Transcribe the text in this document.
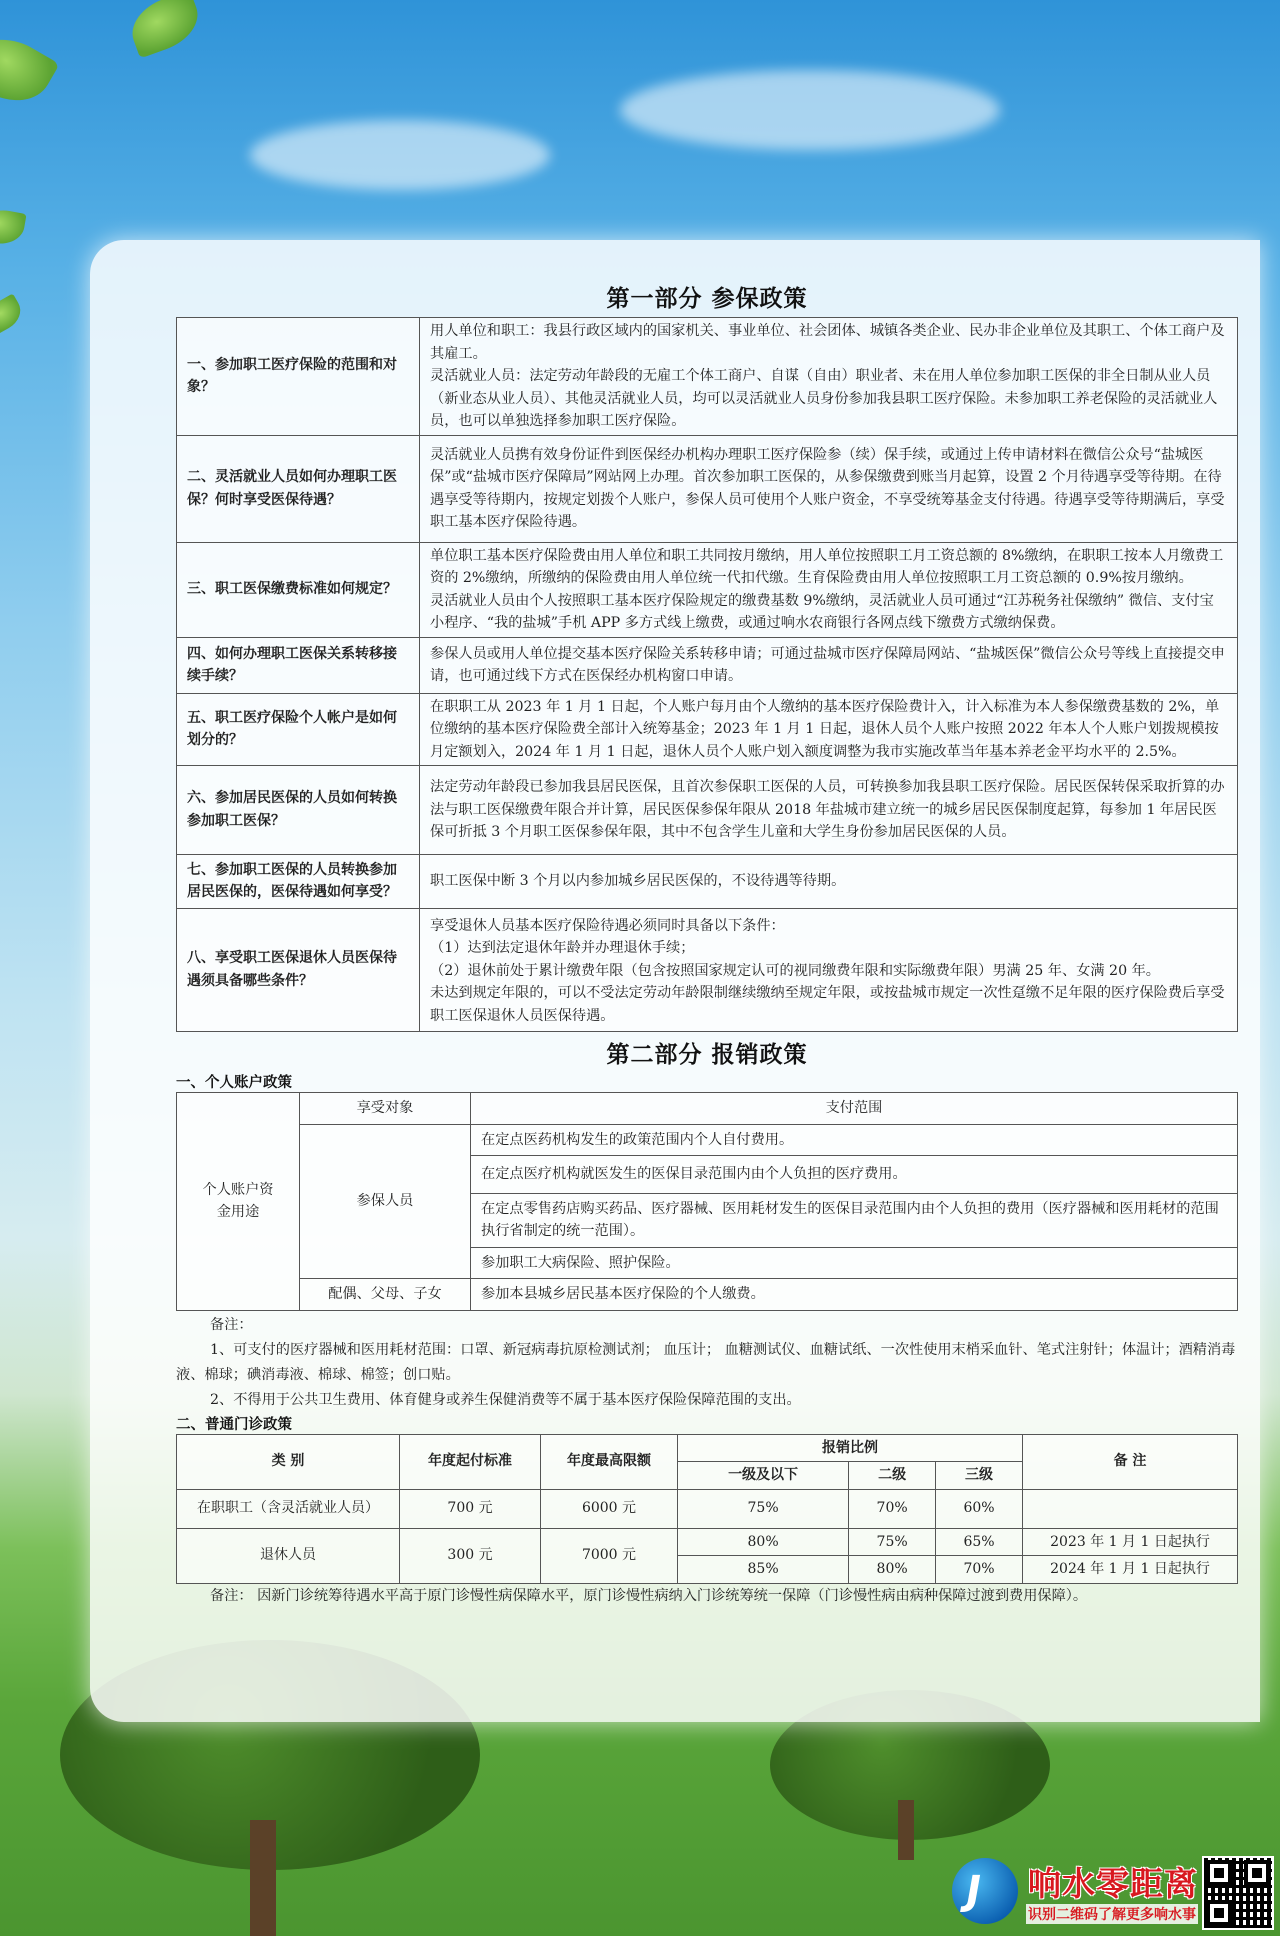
第一部分 参保政策
一、参加职工医疗保险的范围和对象？	用人单位和职工：我县行政区域内的国家机关、事业单位、社会团体、城镇各类企业、民办非企业单位及其职工、个体工商户及其雇工。

灵活就业人员：法定劳动年龄段的无雇工个体工商户、自谋（自由）职业者、未在用人单位参加职工医保的非全日制从业人员（新业态从业人员）、其他灵活就业人员，均可以灵活就业人员身份参加我县职工医疗保险。未参加职工养老保险的灵活就业人员，也可以单独选择参加职工医疗保险。

二、灵活就业人员如何办理职工医保？何时享受医保待遇？	灵活就业人员携有效身份证件到医保经办机构办理职工医疗保险参（续）保手续，或通过上传申请材料在微信公众号“盐城医保”或“盐城市医疗保障局”网站网上办理。首次参加职工医保的，从参保缴费到账当月起算，设置 2 个月待遇享受等待期。在待遇享受等待期内，按规定划拨个人账户，参保人员可使用个人账户资金，不享受统筹基金支付待遇。待遇享受等待期满后，享受职工基本医疗保险待遇。

三、职工医保缴费标准如何规定？	单位职工基本医疗保险费由用人单位和职工共同按月缴纳，用人单位按照职工月工资总额的 8%缴纳，在职职工按本人月缴费工资的 2%缴纳，所缴纳的保险费由用人单位统一代扣代缴。生育保险费由用人单位按照职工月工资总额的 0.9%按月缴纳。

灵活就业人员由个人按照职工基本医疗保险规定的缴费基数 9%缴纳，灵活就业人员可通过“江苏税务社保缴纳” 微信、支付宝小程序、“我的盐城”手机 APP 多方式线上缴费，或通过响水农商银行各网点线下缴费方式缴纳保费。

四、如何办理职工医保关系转移接续手续？	参保人员或用人单位提交基本医疗保险关系转移申请；可通过盐城市医疗保障局网站、“盐城医保”微信公众号等线上直接提交申请，也可通过线下方式在医保经办机构窗口申请。

五、职工医疗保险个人帐户是如何划分的？	在职职工从 2023 年 1 月 1 日起，个人账户每月由个人缴纳的基本医疗保险费计入，计入标准为本人参保缴费基数的 2%，单位缴纳的基本医疗保险费全部计入统筹基金；2023 年 1 月 1 日起，退休人员个人账户按照 2022 年本人个人账户划拨规模按月定额划入，2024 年 1 月 1 日起，退休人员个人账户划入额度调整为我市实施改革当年基本养老金平均水平的 2.5%。

六、参加居民医保的人员如何转换参加职工医保？	法定劳动年龄段已参加我县居民医保，且首次参保职工医保的人员，可转换参加我县职工医疗保险。居民医保转保采取折算的办法与职工医保缴费年限合并计算，居民医保参保年限从 2018 年盐城市建立统一的城乡居民医保制度起算，每参加 1 年居民医保可折抵 3 个月职工医保参保年限，其中不包含学生儿童和大学生身份参加居民医保的人员。

七、参加职工医保的人员转换参加居民医保的，医保待遇如何享受？	职工医保中断 3 个月以内参加城乡居民医保的，不设待遇等待期。

八、享受职工医保退休人员医保待遇须具备哪些条件？	享受退休人员基本医疗保险待遇必须同时具备以下条件：

（1）达到法定退休年龄并办理退休手续；

（2）退休前处于累计缴费年限（包含按照国家规定认可的视同缴费年限和实际缴费年限）男满 25 年、女满 20 年。

未达到规定年限的，可以不受法定劳动年龄限制继续缴纳至规定年限，或按盐城市规定一次性趸缴不足年限的医疗保险费后享受职工医保退休人员医保待遇。

第二部分 报销政策

一、个人账户政策

个人账户资金用途	享受对象	支付范围
	参保人员	在定点医药机构发生的政策范围内个人自付费用。
		在定点医疗机构就医发生的医保目录范围内由个人负担的医疗费用。
		在定点零售药店购买药品、医疗器械、医用耗材发生的医保目录范围内由个人负担的费用（医疗器械和医用耗材的范围执行省制定的统一范围）。
		参加职工大病保险、照护保险。
	配偶、父母、子女	参加本县城乡居民基本医疗保险的个人缴费。

备注：

1、可支付的医疗器械和医用耗材范围：口罩、新冠病毒抗原检测试剂； 血压计； 血糖测试仪、血糖试纸、一次性使用末梢采血针、笔式注射针；体温计；酒精消毒液、棉球；碘消毒液、棉球、棉签；创口贴。

2、不得用于公共卫生费用、体育健身或养生保健消费等不属于基本医疗保险保障范围的支出。

二、普通门诊政策

类 别	年度起付标准	年度最高限额	报销比例			备 注
			一级及以下	二级	三级	
在职职工（含灵活就业人员）	700 元	6000 元	75%	70%	60%	
退休人员	300 元	7000 元	80%	75%	65%	2023 年 1 月 1 日起执行
			85%	80%	70%	2024 年 1 月 1 日起执行

备注： 因新门诊统筹待遇水平高于原门诊慢性病保障水平，原门诊慢性病纳入门诊统筹统一保障（门诊慢性病由病种保障过渡到费用保障）。

J 响水零距离
识别二维码了解更多响水事
